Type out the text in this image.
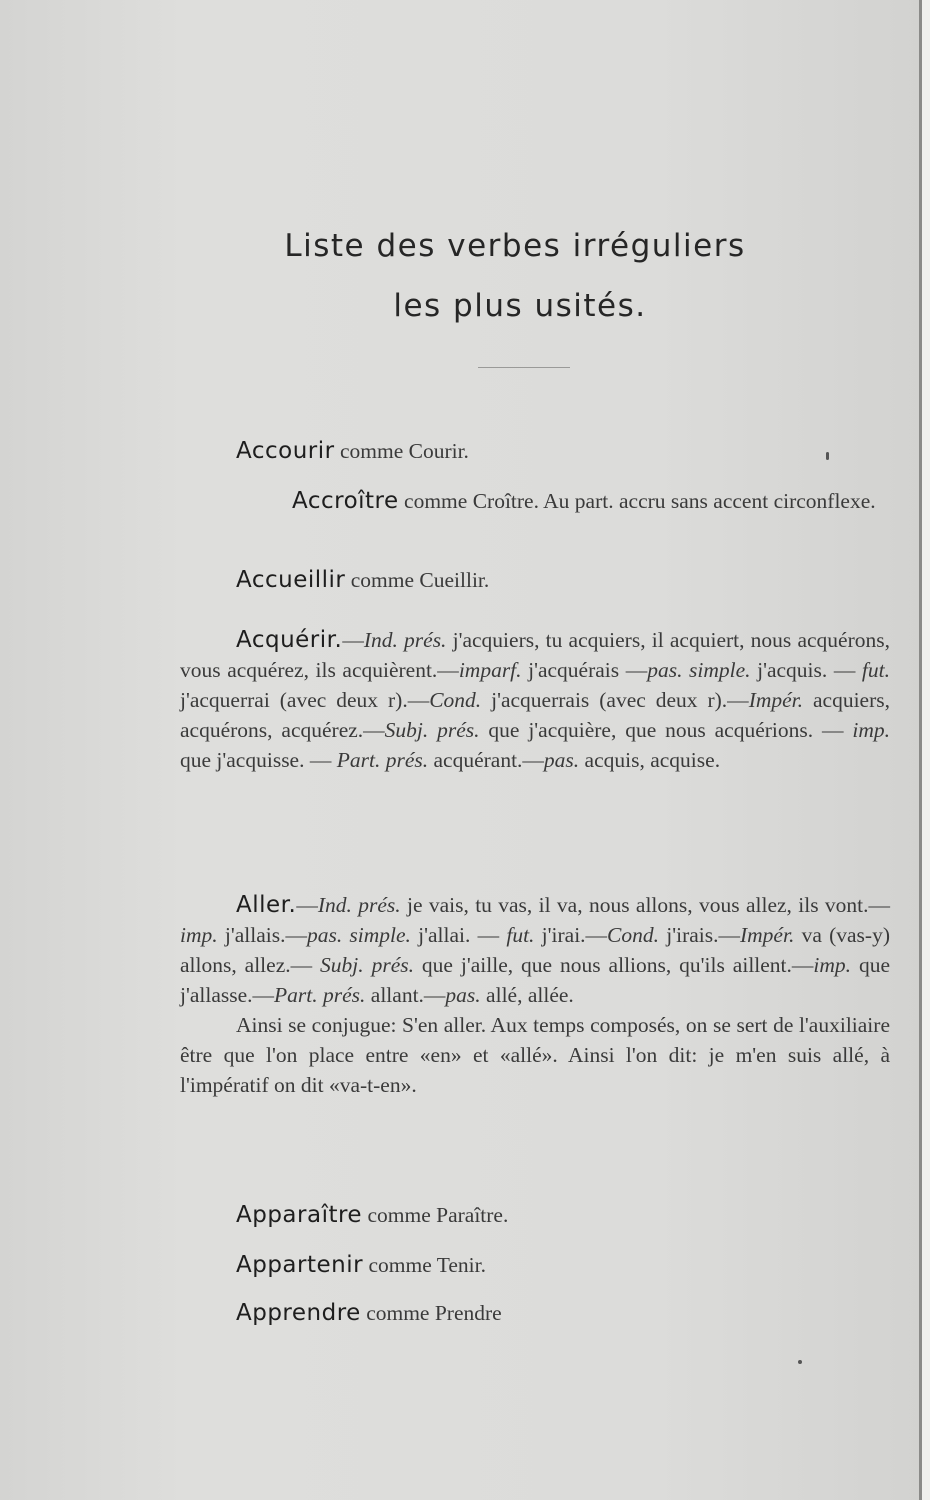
Liste des verbes irréguliers
les plus usités.
Accourir comme Courir.
Accroître comme Croître. Au part. accru sans accent circonflexe.
Accueillir comme Cueillir.
Acquérir.—Ind. prés. j'acquiers, tu acquiers, il acquiert, nous acquérons, vous acquérez, ils acquièrent.—imparf. j'acquérais —pas. simple. j'acquis. — fut. j'acquerrai (avec deux r).—Cond. j'acquerrais (avec deux r).—Impér. acquiers, acquérons, acquérez.—Subj. prés. que j'acquière, que nous acquérions. — imp. que j'acquisse. — Part. prés. acquérant.—pas. acquis, acquise.
Aller.—Ind. prés. je vais, tu vas, il va, nous allons, vous allez, ils vont.— imp. j'allais.—pas. simple. j'allai. — fut. j'irai.—Cond. j'irais.—Impér. va (vas-y) allons, allez.— Subj. prés. que j'aille, que nous allions, qu'ils aillent.—imp. que j'allasse.—Part. prés. allant.—pas. allé, allée.
Ainsi se conjugue: S'en aller. Aux temps composés, on se sert de l'auxiliaire être que l'on place entre «en» et «allé». Ainsi l'on dit: je m'en suis allé, à l'impératif on dit «va-t-en».
Apparaître comme Paraître.
Appartenir comme Tenir.
Apprendre comme Prendre
